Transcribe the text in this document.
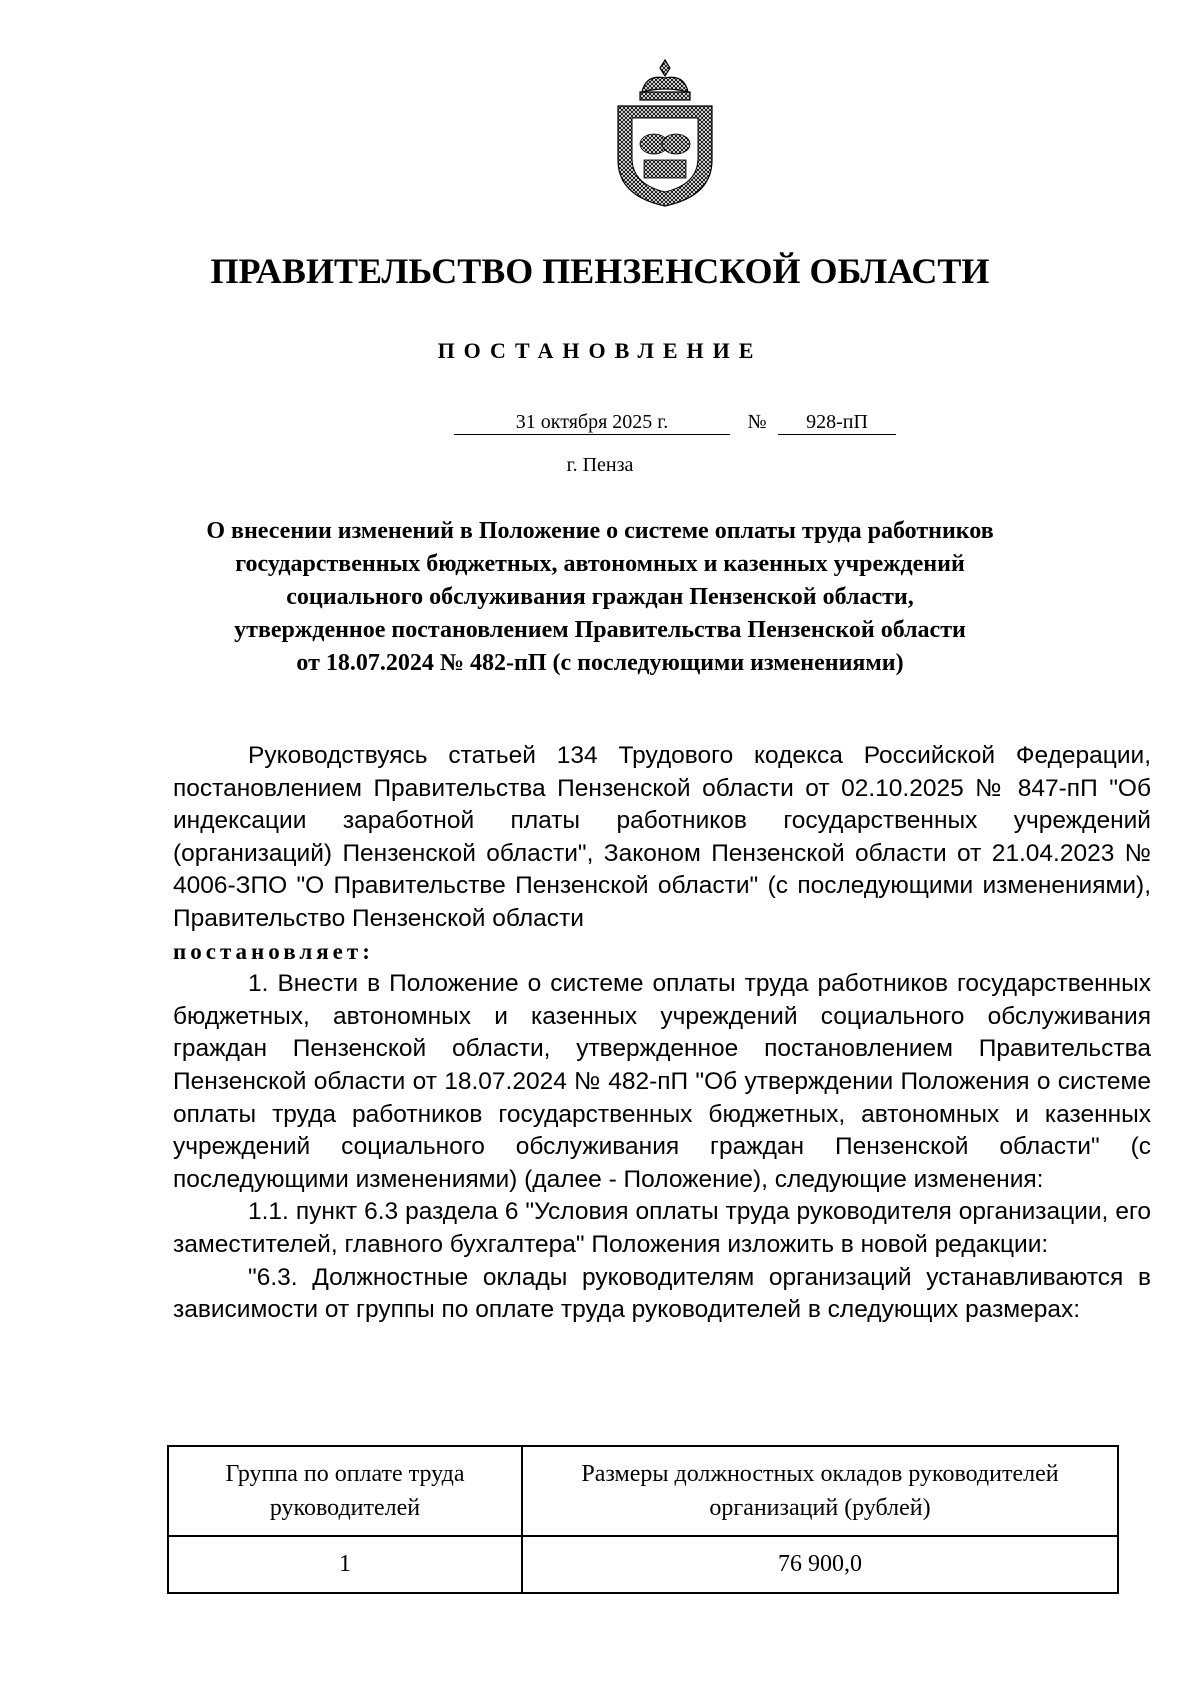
ПРАВИТЕЛЬСТВО ПЕНЗЕНСКОЙ ОБЛАСТИ
ПОСТАНОВЛЕНИЕ
31 октября 2025 г.	№	928-пП
г. Пенза
О внесении изменений в Положение о системе оплаты труда работников
государственных бюджетных, автономных и казенных учреждений
социального обслуживания граждан Пензенской области,
утвержденное постановлением Правительства Пензенской области
от 18.07.2024 № 482-пП (с последующими изменениями)

Руководствуясь статьей 134 Трудового кодекса Российской Федерации, постановлением Правительства Пензенской области от 02.10.2025 № 847-пП "Об индексации заработной платы работников государственных учреждений (организаций) Пензенской области", Законом Пензенской области от 21.04.2023 № 4006-ЗПО "О Правительстве Пензенской области" (с последующими изменениями), Правительство Пензенской области

постановляет:

1. Внести в Положение о системе оплаты труда работников государственных бюджетных, автономных и казенных учреждений социального обслуживания граждан Пензенской области, утвержденное постановлением Правительства Пензенской области от 18.07.2024 № 482-пП "Об утверждении Положения о системе оплаты труда работников государственных бюджетных, автономных и казенных учреждений социального обслуживания граждан Пензенской области" (с последующими изменениями) (далее - Положение), следующие изменения:

1.1. пункт 6.3 раздела 6 "Условия оплаты труда руководителя организации, его заместителей, главного бухгалтера" Положения изложить в новой редакции:

"6.3. Должностные оклады руководителям организаций устанавливаются в зависимости от группы по оплате труда руководителей в следующих размерах:

Группа по оплате труда руководителей	Размеры должностных окладов руководителей организаций (рублей)
1	76 900,0
